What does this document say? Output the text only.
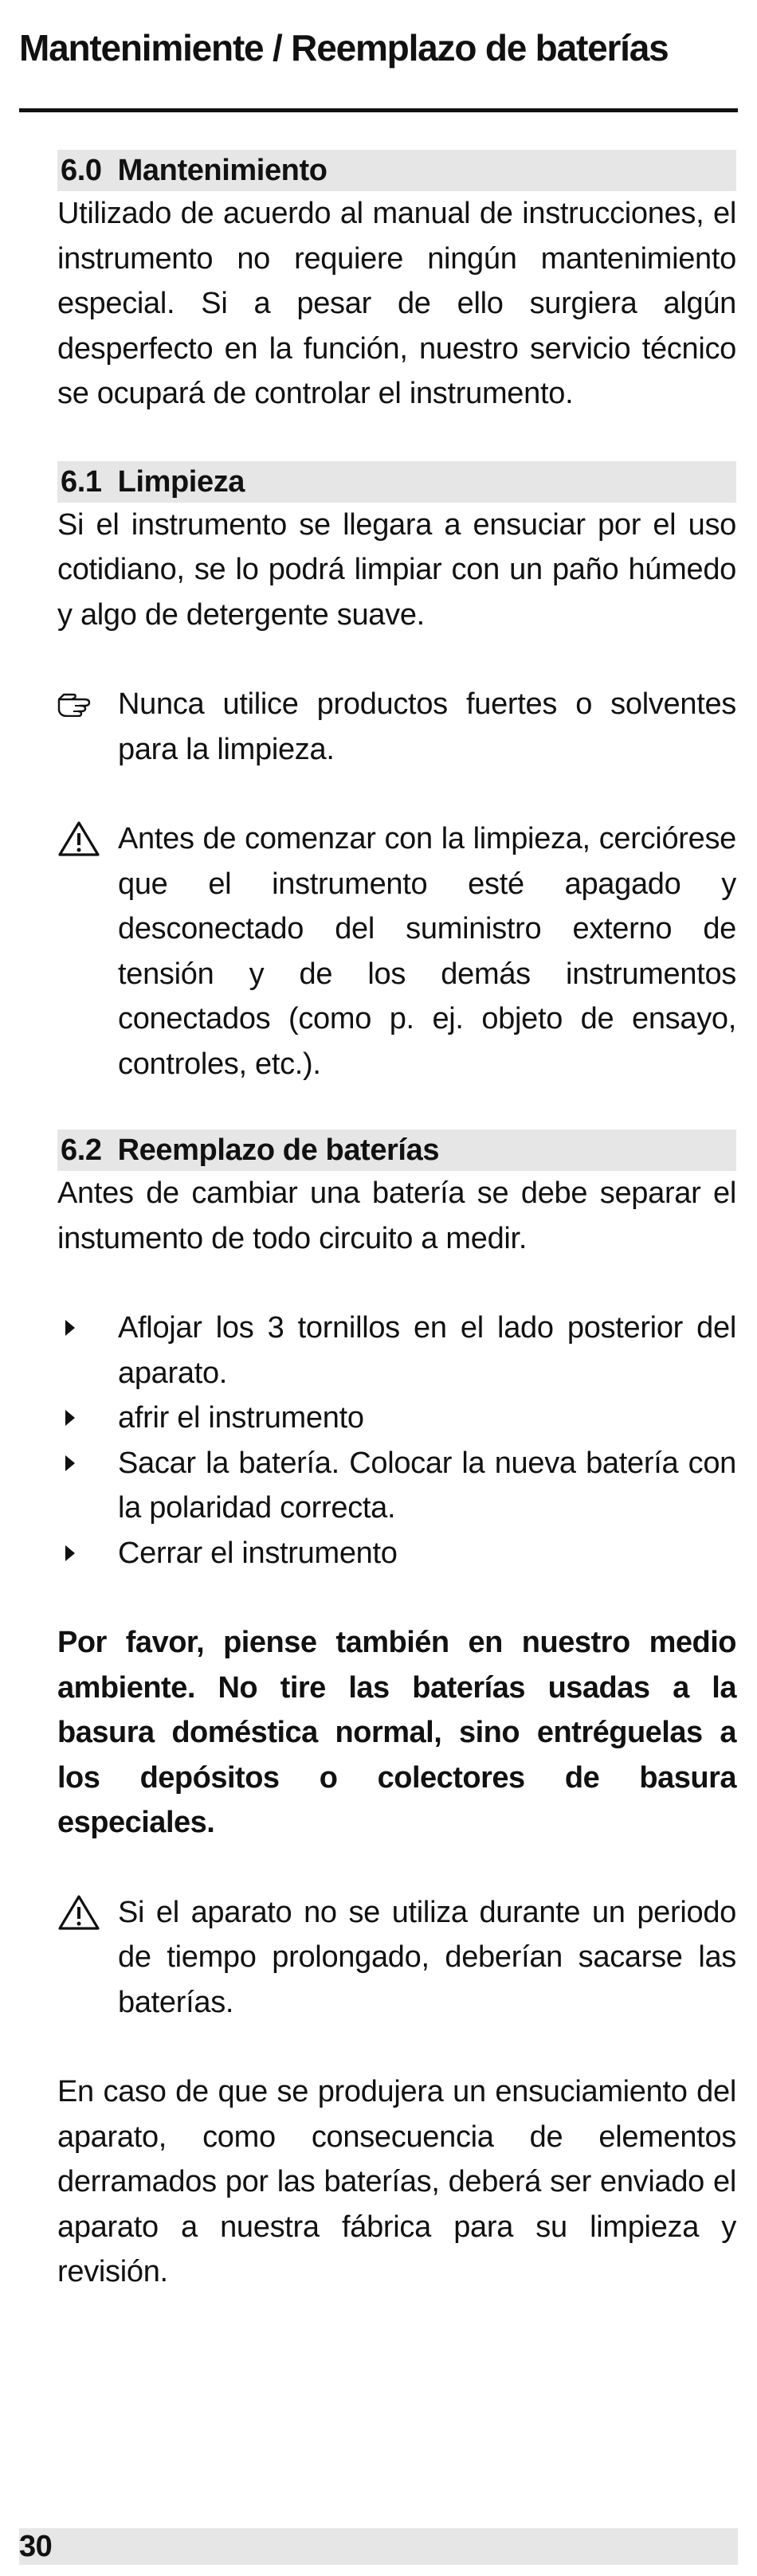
Mantenimiente / Reemplazo de baterías
6.0 Mantenimiento

Utilizado de acuerdo al manual de instrucciones, el instrumento no requiere ningún mantenimiento especial. Si a pesar de ello surgiera algún desperfecto en la función, nuestro servicio técnico se ocupará de controlar el instrumento.

6.1 Limpieza

Si el instrumento se llegara a ensuciar por el uso cotidiano, se lo podrá limpiar con un paño húmedo y algo de detergente suave.

Nunca utilice productos fuertes o solventes para la limpieza.
Antes de comenzar con la limpieza, cerciórese que el instrumento esté apagado y desconectado del suministro externo de tensión y de los demás instrumentos conectados (como p. ej. objeto de ensayo, controles, etc.).
6.2 Reemplazo de baterías

Antes de cambiar una batería se debe separar el instumento de todo circuito a medir.

Aflojar los 3 tornillos en el lado posterior del aparato.
afrir el instrumento
Sacar la batería. Colocar la nueva batería con la polaridad correcta.
Cerrar el instrumento

Por favor, piense también en nuestro medio ambiente. No tire las baterías usadas a la basura doméstica normal, sino entréguelas a los depósitos o colectores de basura especiales.

Si el aparato no se utiliza durante un periodo de tiempo prolongado, deberían sacarse las baterías.

En caso de que se produjera un ensuciamiento del aparato, como consecuencia de elementos derramados por las baterías, deberá ser enviado el aparato a nuestra fábrica para su limpieza y revisión.

30
